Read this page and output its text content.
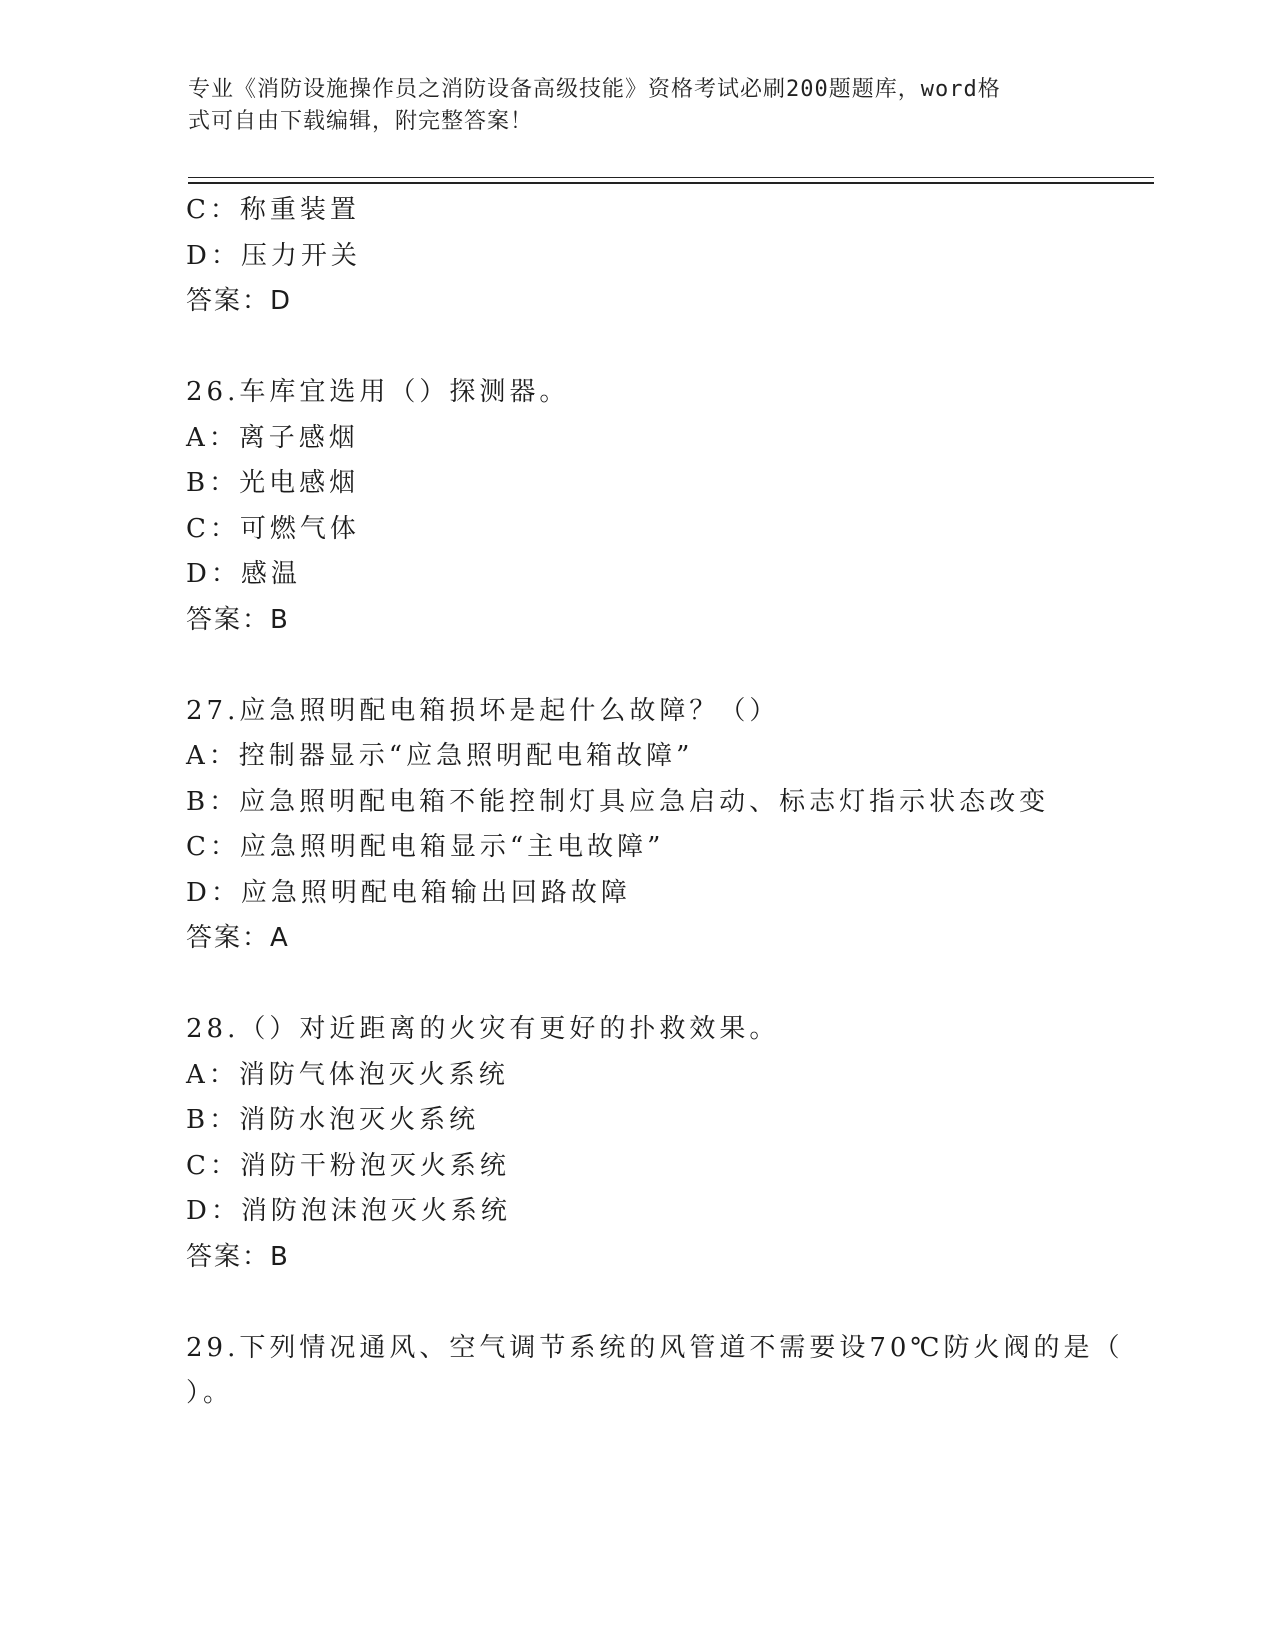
专业《消防设施操作员之消防设备高级技能》资格考试必刷200题题库，word格
式可自由下载编辑，附完整答案！
C：称重装置
D：压力开关
答案：D
26.车库宜选用（）探测器。
A：离子感烟
B：光电感烟
C：可燃气体
D：感温
答案：B
27.应急照明配电箱损坏是起什么故障？（）
A：控制器显示“应急照明配电箱故障”
B：应急照明配电箱不能控制灯具应急启动、标志灯指示状态改变
C：应急照明配电箱显示“主电故障”
D：应急照明配电箱输出回路故障
答案：A
28.（）对近距离的火灾有更好的扑救效果。
A：消防气体泡灭火系统
B：消防水泡灭火系统
C：消防干粉泡灭火系统
D：消防泡沫泡灭火系统
答案：B
29.下列情况通风、空气调节系统的风管道不需要设70℃防火阀的是（
）。
